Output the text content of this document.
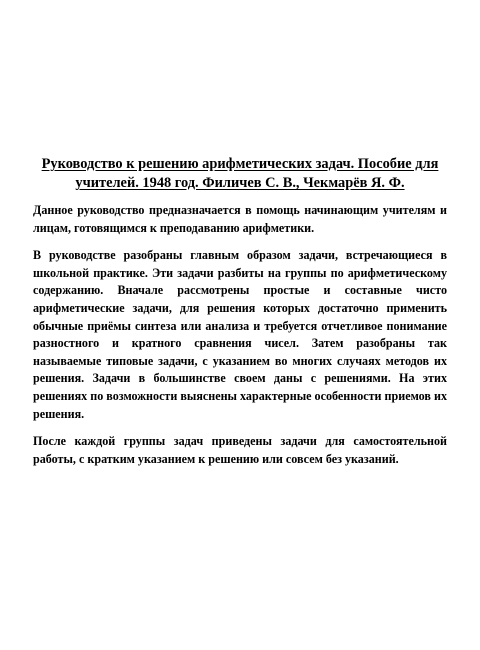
Руководство к решению арифметических задач. Пособие для учителей. 1948 год. Филичев С. В., Чекмарёв Я. Ф.

Данное руководство предназначается в помощь начинающим учителям и лицам, готовящимся к преподаванию арифметики.

В руководстве разобраны главным образом задачи, встречающиеся в школьной практике. Эти задачи разбиты на группы по арифметическому содержанию. Вначале рассмотрены простые и составные чисто арифметические задачи, для решения которых достаточно применить обычные приёмы синтеза или анализа и требуется отчетливое понимание разностного и кратного сравнения чисел. Затем разобраны так называемые типовые задачи, с указанием во многих случаях методов их решения. Задачи в большинстве своем даны с решениями. На этих решениях по возможности выяснены характерные особенности приемов их решения.

После каждой группы задач приведены задачи для самостоятельной работы, с кратким указанием к решению или совсем без указаний.
